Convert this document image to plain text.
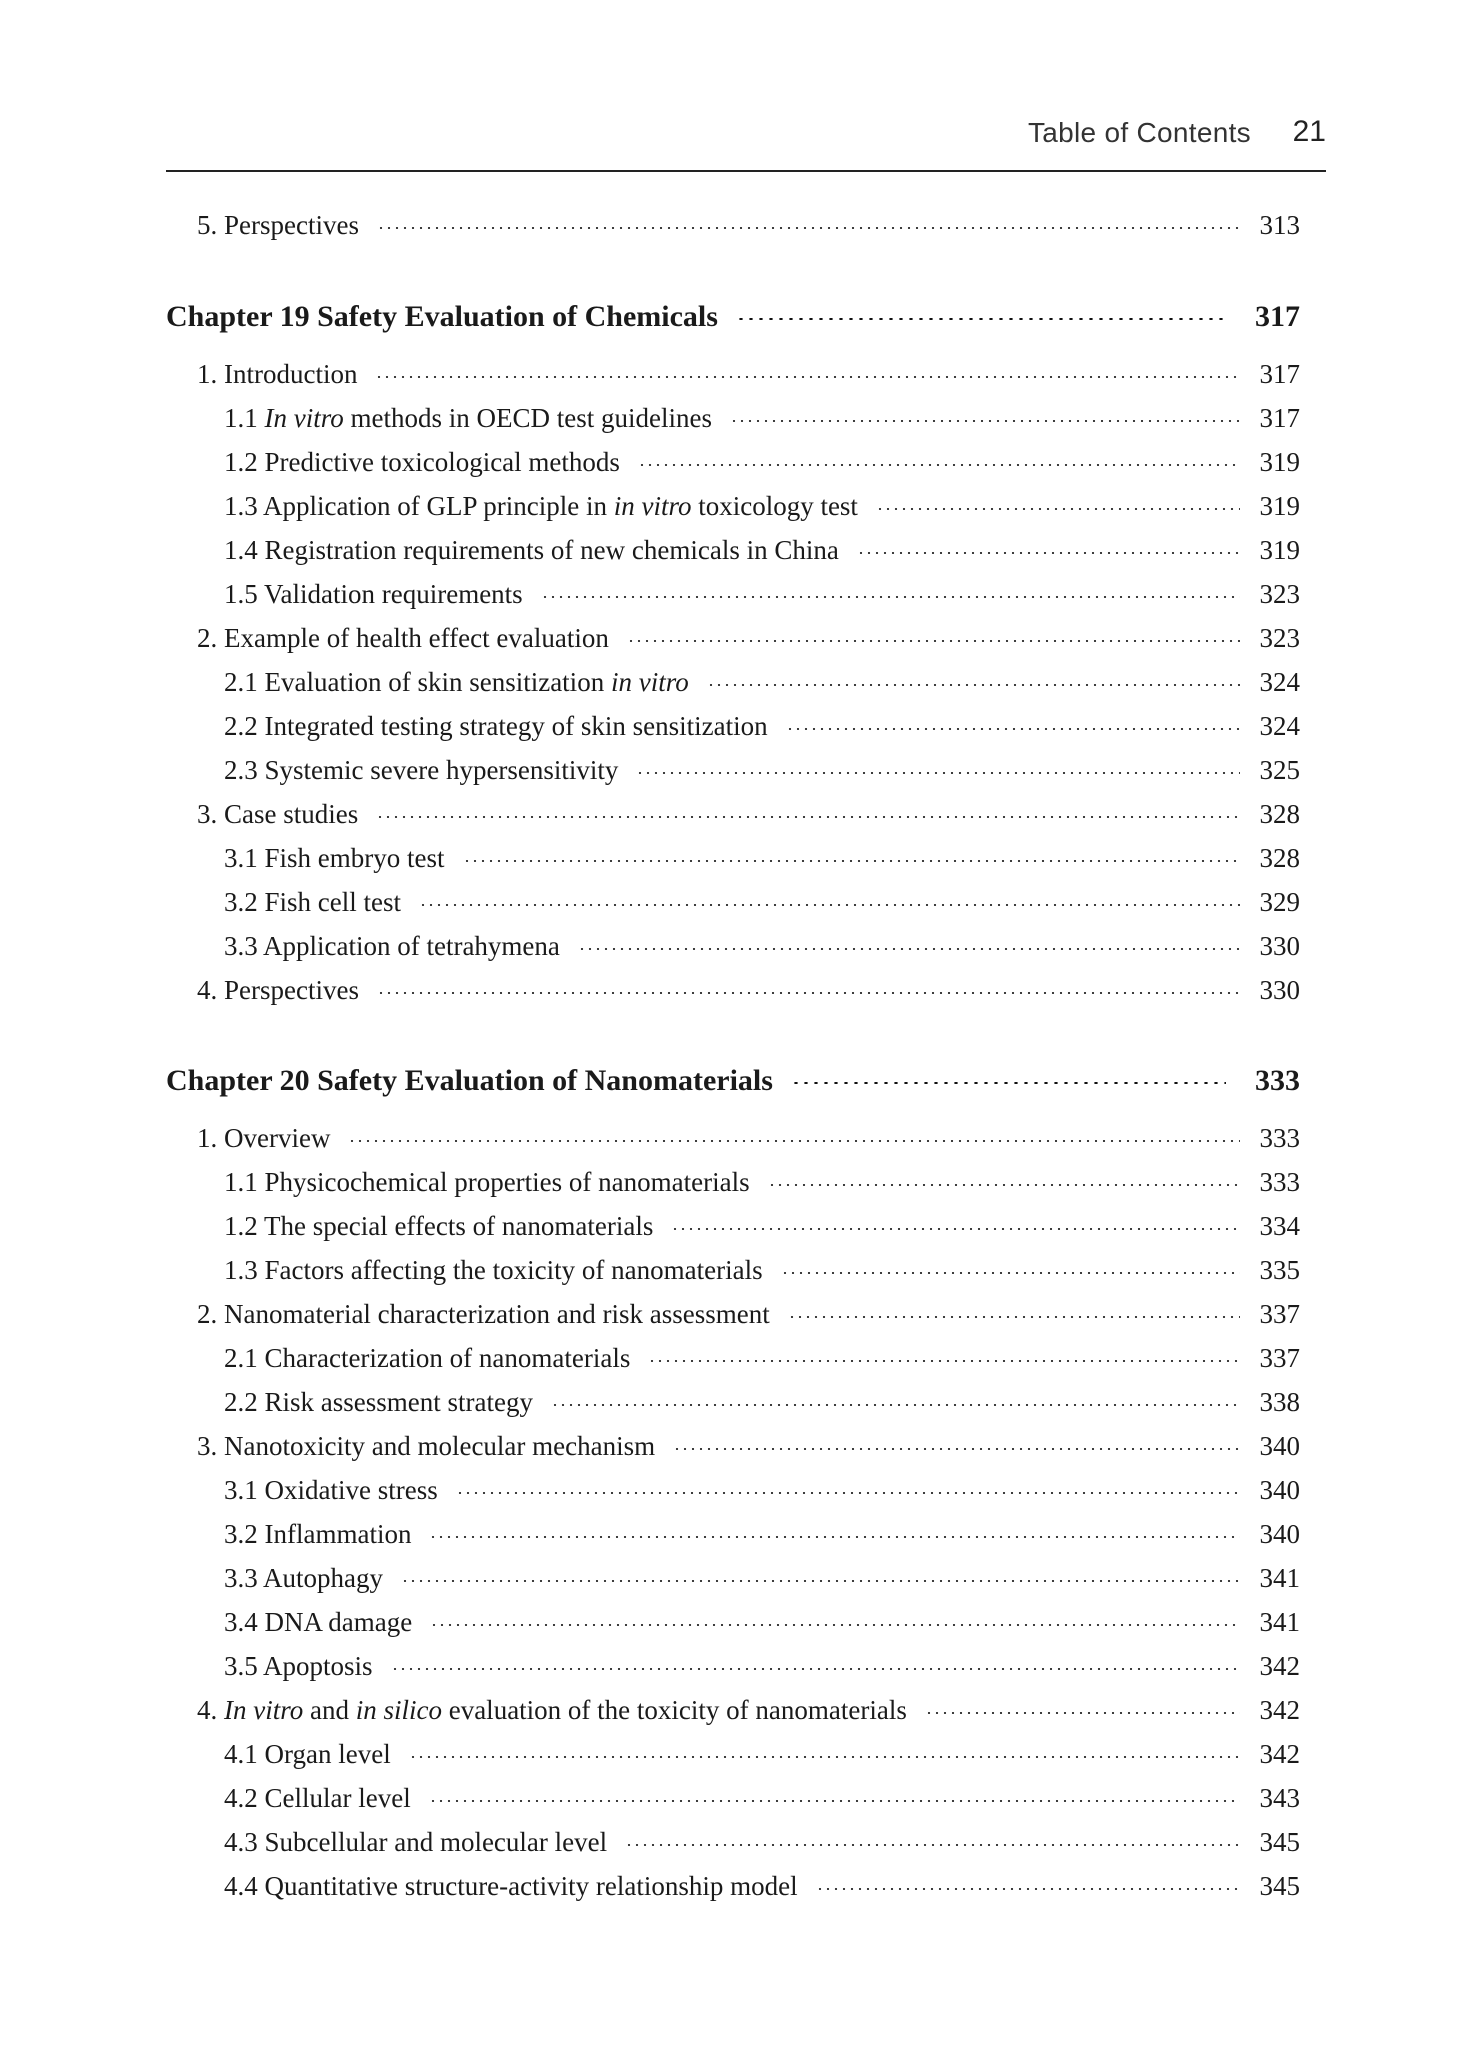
Table of Contents 21
5. Perspectives	313
Chapter 19 Safety Evaluation of Chemicals	317
1. Introduction	317
1.1 In vitro methods in OECD test guidelines	317
1.2 Predictive toxicological methods	319
1.3 Application of GLP principle in in vitro toxicology test	319
1.4 Registration requirements of new chemicals in China	319
1.5 Validation requirements	323
2. Example of health effect evaluation	323
2.1 Evaluation of skin sensitization in vitro	324
2.2 Integrated testing strategy of skin sensitization	324
2.3 Systemic severe hypersensitivity	325
3. Case studies	328
3.1 Fish embryo test	328
3.2 Fish cell test	329
3.3 Application of tetrahymena	330
4. Perspectives	330
Chapter 20 Safety Evaluation of Nanomaterials	333
1. Overview	333
1.1 Physicochemical properties of nanomaterials	333
1.2 The special effects of nanomaterials	334
1.3 Factors affecting the toxicity of nanomaterials	335
2. Nanomaterial characterization and risk assessment	337
2.1 Characterization of nanomaterials	337
2.2 Risk assessment strategy	338
3. Nanotoxicity and molecular mechanism	340
3.1 Oxidative stress	340
3.2 Inflammation	340
3.3 Autophagy	341
3.4 DNA damage	341
3.5 Apoptosis	342
4. In vitro and in silico evaluation of the toxicity of nanomaterials	342
4.1 Organ level	342
4.2 Cellular level	343
4.3 Subcellular and molecular level	345
4.4 Quantitative structure-activity relationship model	345
